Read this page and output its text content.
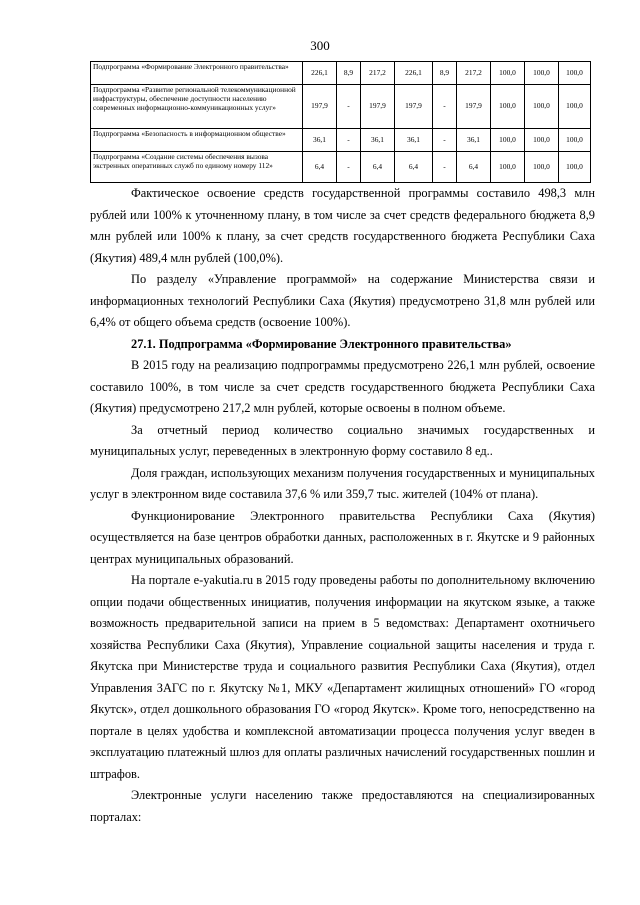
300
Подпрограмма «Формирование Электронного правительства»	226,1	8,9	217,2	226,1	8,9	217,2	100,0	100,0	100,0
Подпрограмма «Развитие региональной телекоммуникационной инфраструктуры, обеспечение доступности населению современных информационно-коммуникационных услуг»	197,9	-	197,9	197,9	-	197,9	100,0	100,0	100,0
Подпрограмма «Безопасность в информационном обществе»	36,1	-	36,1	36,1	-	36,1	100,0	100,0	100,0
Подпрограмма «Создание системы обеспечения вызова экстренных оперативных служб по единому номеру 112»	6,4	-	6,4	6,4	-	6,4	100,0	100,0	100,0

Фактическое освоение средств государственной программы составило 498,3 млн рублей или 100% к уточненному плану, в том числе за счет средств федерального бюджета 8,9 млн рублей или 100% к плану, за счет средств государственного бюджета Республики Саха (Якутия) 489,4 млн рублей (100,0%).

По разделу «Управление программой» на содержание Министерства связи и информационных технологий Республики Саха (Якутия) предусмотрено 31,8 млн рублей или 6,4% от общего объема средств (освоение 100%).

27.1. Подпрограмма «Формирование Электронного правительства»

В 2015 году на реализацию подпрограммы предусмотрено 226,1 млн рублей, освоение составило 100%, в том числе за счет средств государственного бюджета Республики Саха (Якутия) предусмотрено 217,2 млн рублей, которые освоены в полном объеме.

За отчетный период количество социально значимых государственных и муниципальных услуг, переведенных в электронную форму составило 8 ед..

Доля граждан, использующих механизм получения государственных и муниципальных услуг в электронном виде составила 37,6 % или 359,7 тыс. жителей (104% от плана).

Функционирование Электронного правительства Республики Саха (Якутия) осуществляется на базе центров обработки данных, расположенных в г. Якутске и 9 районных центрах муниципальных образований.

На портале e-yakutia.ru в 2015 году проведены работы по дополнительному включению опции подачи общественных инициатив, получения информации на якутском языке, а также возможность предварительной записи на прием в 5 ведомствах: Департамент охотничьего хозяйства Республики Саха (Якутия), Управление социальной защиты населения и труда г. Якутска при Министерстве труда и социального развития Республики Саха (Якутия), отдел Управления ЗАГС по г. Якутску №1, МКУ «Департамент жилищных отношений» ГО «город Якутск», отдел дошкольного образования ГО «город Якутск». Кроме того, непосредственно на портале в целях удобства и комплексной автоматизации процесса получения услуг введен в эксплуатацию платежный шлюз для оплаты различных начислений государственных пошлин и штрафов.

Электронные услуги населению также предоставляются на специализированных порталах:
